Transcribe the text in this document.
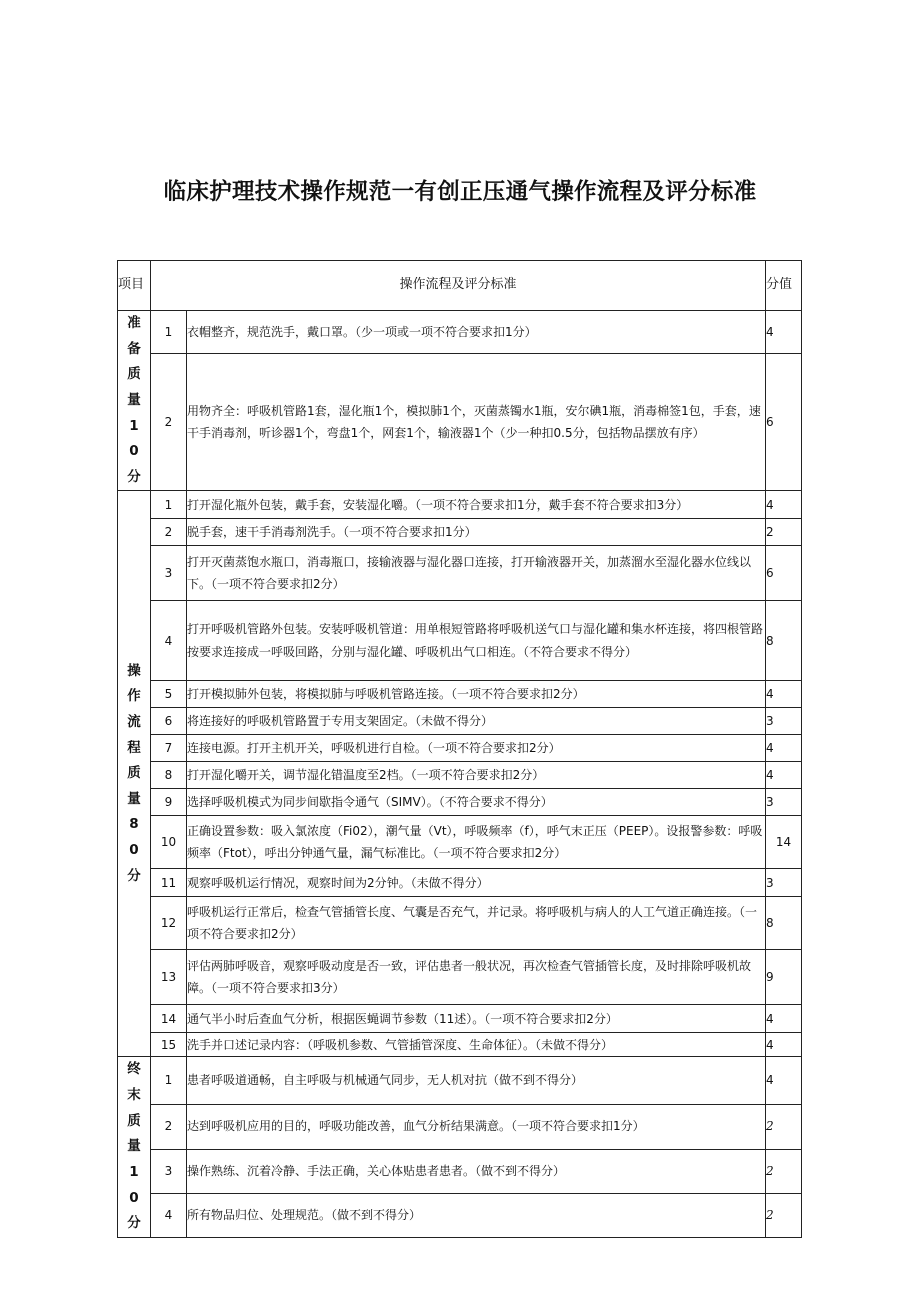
临床护理技术操作规范一有创正压通气操作流程及评分标准
项目	操作流程及评分标准		分值
准备质量10分	1	衣帽整齐，规范洗手，戴口罩。（少一项或一项不符合要求扣1分）	4
	2	用物齐全：呼吸机管路1套，湿化瓶1个，模拟肺1个，灭菌蒸镯水1瓶，安尔碘1瓶，消毒棉签1包，手套，速干手消毒剂，听诊器1个，弯盘1个，网套1个，输液器1个（少一种扣0.5分，包括物品摆放有序）	6
操作流程质量80分	1	打开湿化瓶外包装，戴手套，安装湿化嚼。（一项不符合要求扣1分，戴手套不符合要求扣3分）	4
	2	脱手套，速干手消毒剂洗手。（一项不符合要求扣1分）	2
	3	打开灭菌蒸饱水瓶口，消毒瓶口，接输液器与湿化器口连接，打开输液器开关，加蒸溜水至湿化器水位线以下。（一项不符合要求扣2分）	6
	4	打开呼吸机管路外包装。安装呼吸机管道：用单根短管路将呼吸机送气口与湿化罐和集水杯连接，将四根管路按要求连接成一呼吸回路，分别与湿化罐、呼吸机出气口相连。（不符合要求不得分）	8
	5	打开模拟肺外包装，将模拟肺与呼吸机管路连接。（一项不符合要求扣2分）	4
	6	将连接好的呼吸机管路置于专用支架固定。（未做不得分）	3
	7	连接电源。打开主机开关，呼吸机进行自检。（一项不符合要求扣2分）	4
	8	打开湿化嚼开关，调节湿化错温度至2档。（一项不符合要求扣2分）	4
	9	选择呼吸机模式为同步间歇指令通气（SIMV）。（不符合要求不得分）	3
	10	正确设置参数：吸入氯浓度（Fi02），潮气量（Vt），呼吸频率（f），呼气末正压（PEEP）。设报警参数：呼吸频率（Ftot），呼出分钟通气量，漏气标准比。（一项不符合要求扣2分）	14
	11	观察呼吸机运行情况，观察时间为2分钟。（未做不得分）	3
	12	呼吸机运行正常后，检查气管插管长度、气囊是否充气，并记录。将呼吸机与病人的人工气道正确连接。（一项不符合要求扣2分）	8
	13	评估两肺呼吸音，观察呼吸动度是否一致，评估患者一般状况，再次检查气管插管长度，及时排除呼吸机故障。（一项不符合要求扣3分）	9
	14	通气半小时后查血气分析，根据医蝇调节参数（11述）。（一项不符合要求扣2分）	4
	15	洗手并口述记录内容：（呼吸机参数、气管插管深度、生命体征）。（未做不得分）	4
终末质量10分	1	患者呼吸道通畅，自主呼吸与机械通气同步，无人机对抗（做不到不得分）	4
	2	达到呼吸机应用的目的，呼吸功能改善，血气分析结果满意。（一项不符合要求扣1分）	2
	3	操作熟练、沉着冷静、手法正确，关心体贴患者患者。（做不到不得分）	2
	4	所有物品归位、处理规范。（做不到不得分）	2
